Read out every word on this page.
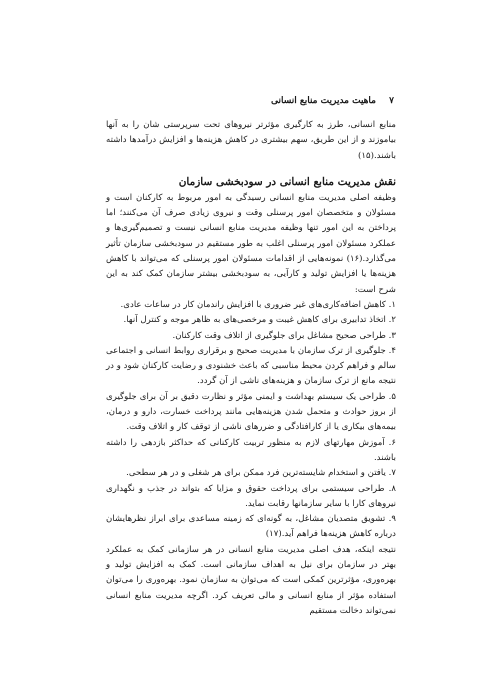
۷
ماهیت مدیریت منابع انسانی

منابع انسانی، طرز به کارگیری مؤثرتر نیروهای تحت سرپرستی شان را به آنها بیاموزند و از این طریق، سهم بیشتری در کاهش هزینه‌ها و افزایش درآمدها داشته باشند.(۱۵)

نقش مدیریت منابع انسانی در سودبخشی سازمان

وظیفه اصلی مدیریت منابع انسانی رسیدگی به امور مربوط به کارکنان است و مسئولان و متخصصان امور پرسنلی وقت و نیروی زیادی صرف آن می‌کنند؛ اما پرداختن به این امور تنها وظیفه مدیریت منابع انسانی نیست و تصمیم‌گیری‌ها و عملکرد مسئولان امور پرسنلی اغلب به طور مستقیم در سودبخشی سازمان تأثیر می‌گذارد.(۱۶) نمونه‌هایی از اقدامات مسئولان امور پرسنلی که می‌تواند با کاهش هزینه‌ها یا افزایش تولید و کارآیی، به سودبخشی بیشتر سازمان کمک کند به این شرح است:

۱. کاهش اضافه‌کاری‌های غیر ضروری با افزایش راندمان کار در ساعات عادی.

۲. اتخاذ تدابیری برای کاهش غیبت و مرخصی‌های به ظاهر موجه و کنترل آنها.

۳. طراحی صحیح مشاغل برای جلوگیری از اتلاف وقت کارکنان.

۴. جلوگیری از ترک سازمان با مدیریت صحیح و برقراری روابط انسانی و اجتماعی سالم و فراهم کردن محیط مناسبی که باعث خشنودی و رضایت کارکنان شود و در نتیجه مانع از ترک سازمان و هزینه‌های ناشی از آن گردد.

۵. طراحی یک سیستم بهداشت و ایمنی مؤثر و نظارت دقیق بر آن برای جلوگیری از بروز حوادث و متحمل شدن هزینه‌هایی مانند پرداخت خسارت، دارو و درمان، بیمه‌های بیکاری یا از کارافتادگی و ضررهای ناشی از توقف کار و اتلاف وقت.

۶. آموزش مهارتهای لازم به منظور تربیت کارکنانی که حداکثر بازدهی را داشته باشند.

۷. یافتن و استخدام شایسته‌ترین فرد ممکن برای هر شغلی و در هر سطحی.

۸. طراحی سیستمی برای پرداخت حقوق و مزایا که بتواند در جذب و نگهداری نیروهای کارا با سایر سازمانها رقابت نماید.

۹. تشویق متصدیان مشاغل، به گونه‌ای که زمینه مساعدی برای ابراز نظرهایشان درباره کاهش هزینه‌ها فراهم آید.(۱۷)

نتیجه اینکه، هدف اصلی مدیریت منابع انسانی در هر سازمانی کمک به عملکرد بهتر در سازمان برای نیل به اهداف سازمانی است. کمک به افزایش تولید و بهره‌وری، مؤثرترین کمکی است که می‌توان به سازمان نمود. بهره‌وری را می‌توان استفاده مؤثر از منابع انسانی و مالی تعریف کرد. اگرچه مدیریت منابع انسانی نمی‌تواند دخالت مستقیم
